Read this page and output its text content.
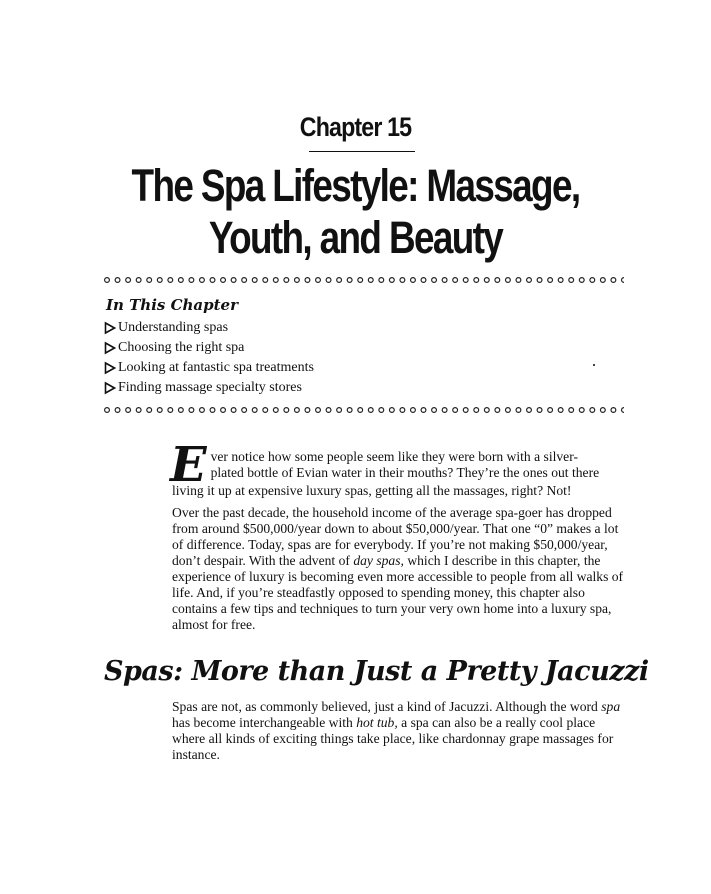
Chapter 15
The Spa Lifestyle: Massage,
Youth, and Beauty
In This Chapter
Understanding spas
Choosing the right spa
Looking at fantastic spa treatments
Finding massage specialty stores
E ver notice how some people seem like they were born with a silver-
plated bottle of Evian water in their mouths? They’re the ones out there
living it up at expensive luxury spas, getting all the massages, right? Not!

Over the past decade, the household income of the average spa-goer has dropped from around $500,000/year down to about $50,000/year. That one “0” makes a lot of difference. Today, spas are for everybody. If you’re not making $50,000/year, don’t despair. With the advent of day spas, which I describe in this chapter, the experience of luxury is becoming even more accessible to people from all walks of life. And, if you’re steadfastly opposed to spending money, this chapter also contains a few tips and techniques to turn your very own home into a luxury spa, almost for free.

Spas: More than Just a Pretty Jacuzzi

Spas are not, as commonly believed, just a kind of Jacuzzi. Although the word spa has become interchangeable with hot tub, a spa can also be a really cool place where all kinds of exciting things take place, like chardonnay grape massages for instance.
